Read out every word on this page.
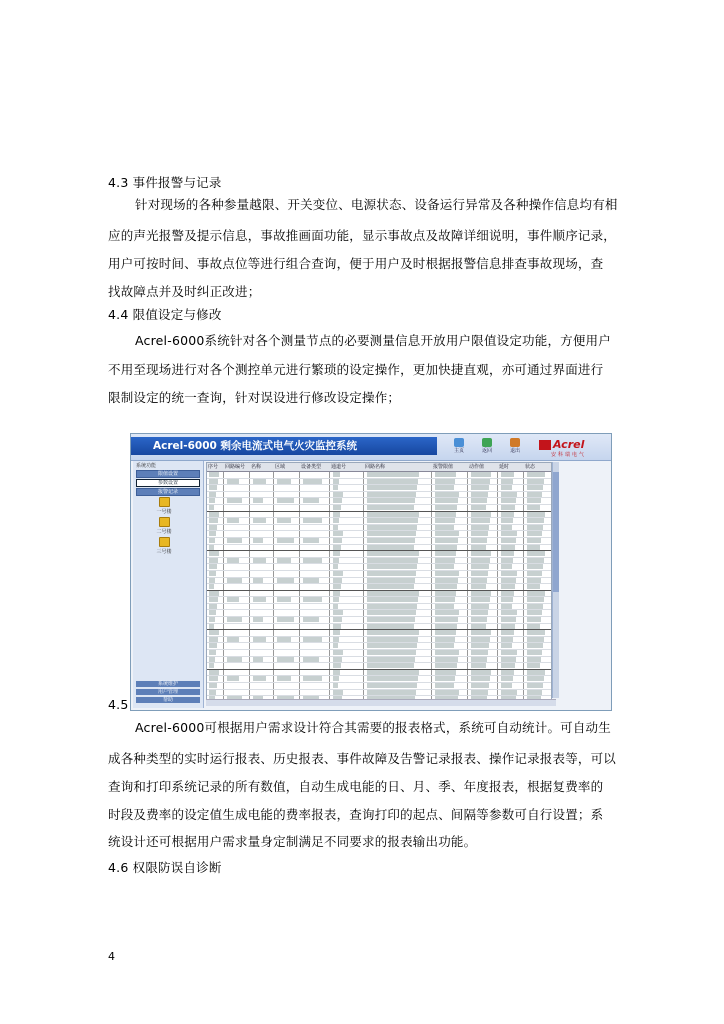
4.3 事件报警与记录
针对现场的各种参量越限、开关变位、电源状态、设备运行异常及各种操作信息均有相
应的声光报警及提示信息，事故推画面功能，显示事故点及故障详细说明，事件顺序记录，
用户可按时间、事故点位等进行组合查询，便于用户及时根据报警信息排查事故现场，查
找故障点并及时纠正改进；
4.4 限值设定与修改
Acrel-6000系统针对各个测量节点的必要测量信息开放用户限值设定功能，方便用户
不用至现场进行对各个测控单元进行繁琐的设定操作，更加快捷直观，亦可通过界面进行
限制设定的统一查询，针对误设进行修改设定操作；
Acrel-6000 剩余电流式电气火灾监控系统	主页	返回	退出	Acrel
安科瑞电气
系统功能
限值设置
参数设置
报警记录
一号楼
二号楼
三号楼
系统维护
用户管理
帮助
序号 回路编号 名称	区域	设备类型 通道号	回路名称	报警限值	动作值	延时	状态
4.5
Acrel-6000可根据用户需求设计符合其需要的报表格式，系统可自动统计。可自动生
成各种类型的实时运行报表、历史报表、事件故障及告警记录报表、操作记录报表等，可以
查询和打印系统记录的所有数值，自动生成电能的日、月、季、年度报表，根据复费率的
时段及费率的设定值生成电能的费率报表，查询打印的起点、间隔等参数可自行设置；系
统设计还可根据用户需求量身定制满足不同要求的报表输出功能。
4.6 权限防误自诊断
4
